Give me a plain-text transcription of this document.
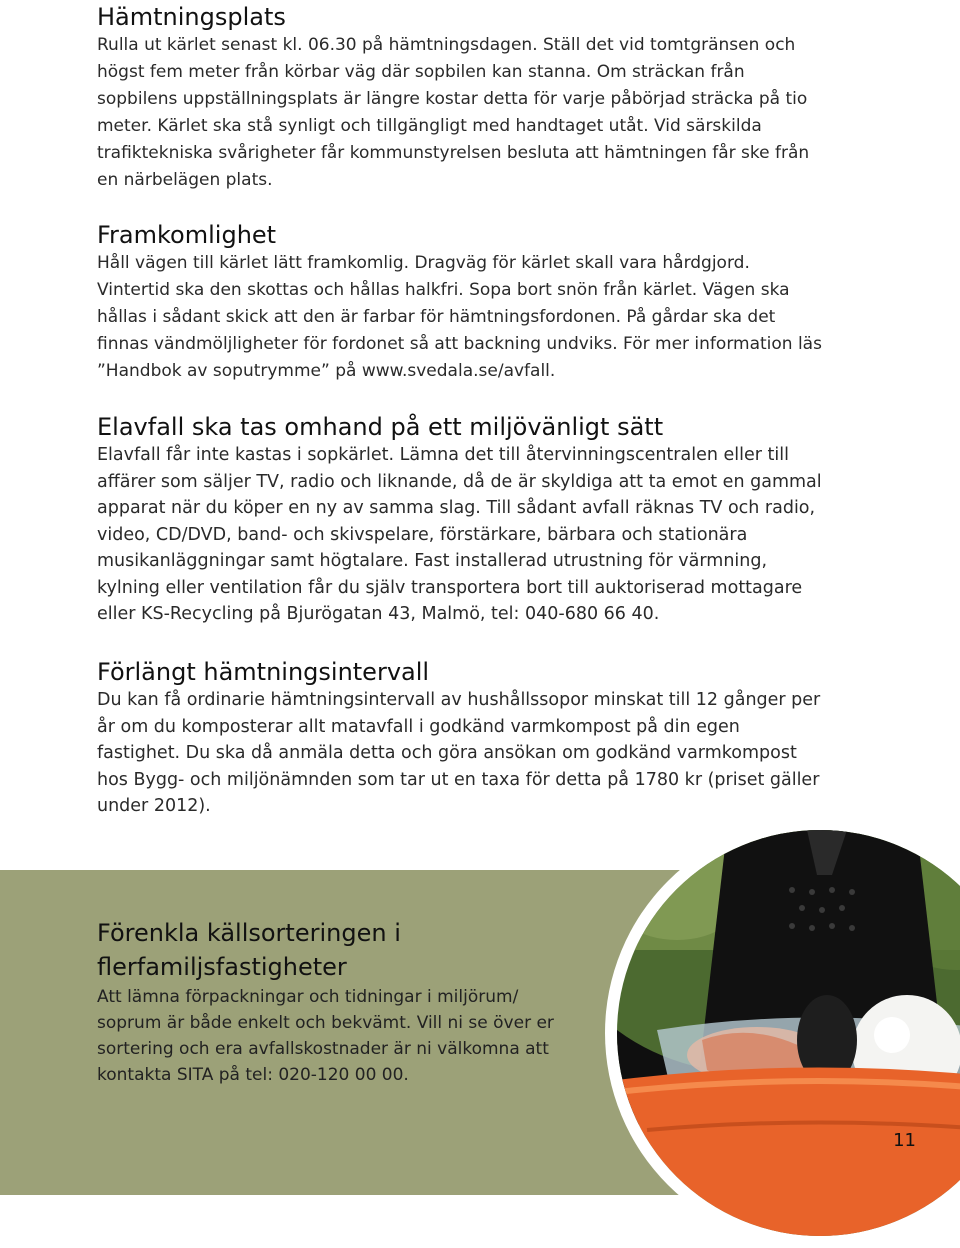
Hämtningsplats

Rulla ut kärlet senast kl. 06.30 på hämtningsdagen. Ställ det vid tomtgränsen och högst fem meter från körbar väg där sopbilen kan stanna. Om sträckan från sopbilens uppställningsplats är längre kostar detta för varje påbörjad sträcka på tio meter. Kärlet ska stå synligt och tillgängligt med handtaget utåt. Vid särskilda trafiktekniska svårigheter får kommunstyrelsen besluta att hämtningen får ske från en närbelägen plats.

Framkomlighet

Håll vägen till kärlet lätt framkomlig. Dragväg för kärlet skall vara hårdgjord. Vintertid ska den skottas och hållas halkfri. Sopa bort snön från kärlet. Vägen ska hållas i sådant skick att den är farbar för hämtningsfordonen. På gårdar ska det finnas vändmöljligheter för fordonet så att backning undviks. För mer information läs ”Handbok av soputrymme” på www.svedala.se/avfall.

Elavfall ska tas omhand på ett miljövänligt sätt

Elavfall får inte kastas i sopkärlet. Lämna det till återvinningscentralen eller till affärer som säljer TV, radio och liknande, då de är skyldiga att ta emot en gammal apparat när du köper en ny av samma slag. Till sådant avfall räknas TV och radio, video, CD/DVD, band- och skivspelare, förstärkare, bärbara och stationära musikanläggningar samt högtalare. Fast installerad utrustning för värmning, kylning eller ventilation får du själv transportera bort till auktoriserad mottagare eller KS-Recycling på Bjurögatan 43, Malmö, tel: 040-680 66 40.

Förlängt hämtningsintervall

Du kan få ordinarie hämtningsintervall av hushållssopor minskat till 12 gånger per år om du komposterar allt matavfall i godkänd varmkompost på din egen fastighet. Du ska då anmäla detta och göra ansökan om godkänd varmkompost hos Bygg- och miljönämnden som tar ut en taxa för detta på 1780 kr (priset gäller under 2012).

Förenkla källsorteringen i flerfamiljsfastigheter

Att lämna förpackningar och tidningar i miljörum/ soprum är både enkelt och bekvämt. Vill ni se över er sortering och era avfallskostnader är ni välkomna att kontakta SITA på tel: 020-120 00 00.

11
